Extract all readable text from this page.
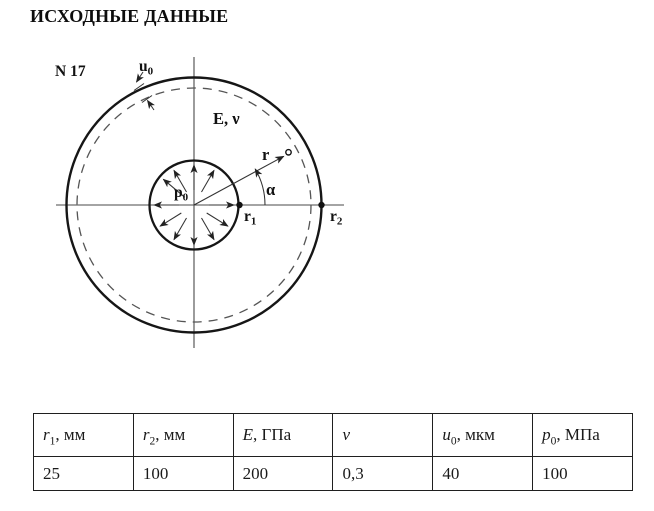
ИСХОДНЫЕ ДАННЫЕ
N 17	$u_0$
E, ν
r
α
$r_1$	$r_2$
$p_0$
$r_1$, мм	$r_2$, мм	E, ГПа	ν	$u_0$, мкм	$p_0$, МПа
25	100	200	0,3	40	100
